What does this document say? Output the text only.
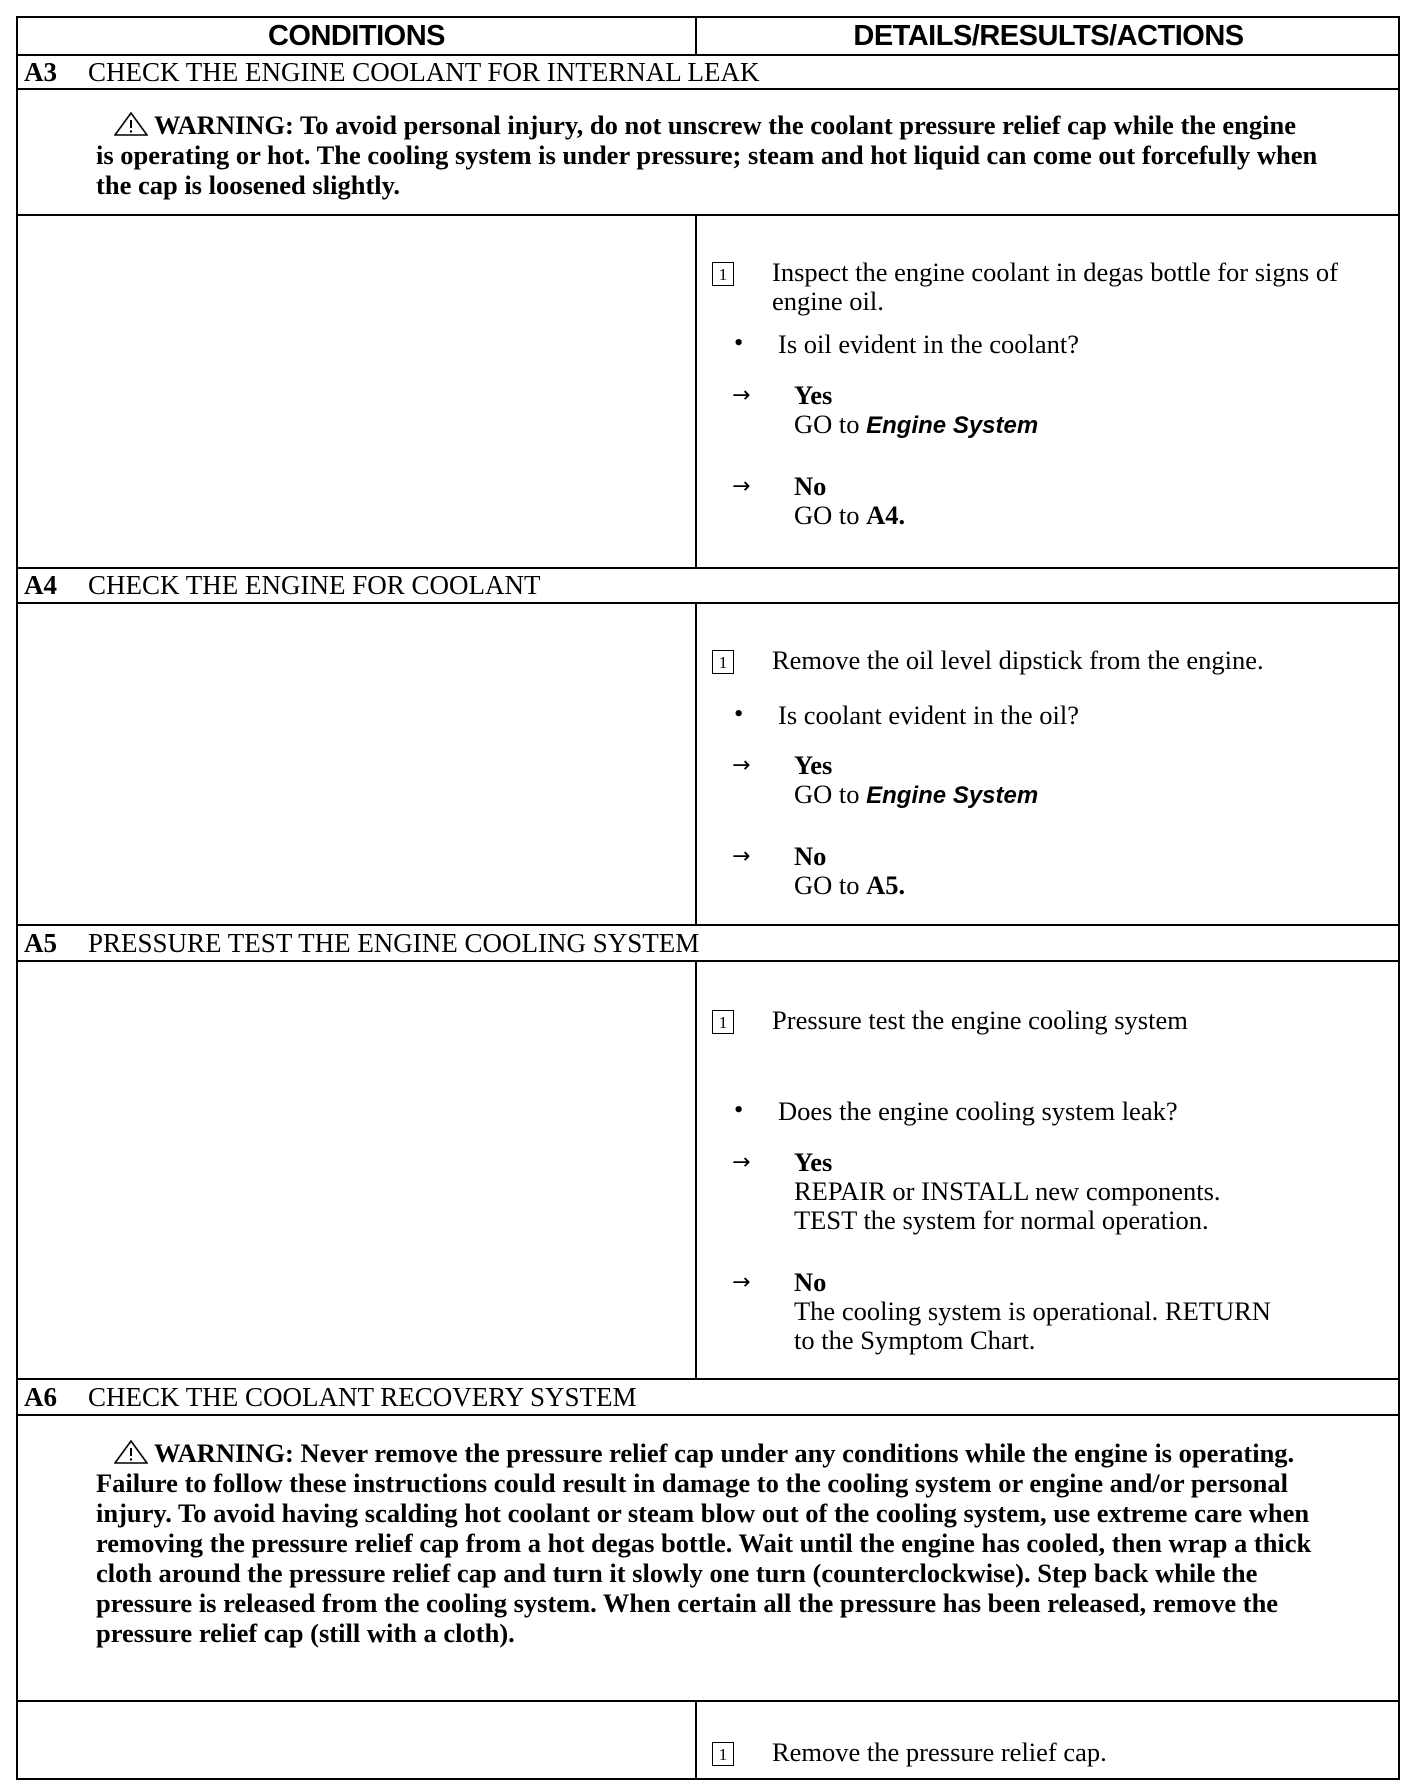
CONDITIONS	DETAILS/RESULTS/ACTIONS
A3	CHECK THE ENGINE COOLANT FOR INTERNAL LEAK
WARNING: To avoid personal injury, do not unscrew the coolant pressure relief cap while the engine is operating or hot. The cooling system is under pressure; steam and hot liquid can come out forcefully when the cap is loosened slightly.
1 Inspect the engine coolant in degas bottle for signs of engine oil.
• Is oil evident in the coolant?
→ Yes
GO to Engine System
→ No
GO to A4.
A4	CHECK THE ENGINE FOR COOLANT
1 Remove the oil level dipstick from the engine.
• Is coolant evident in the oil?
→ Yes
GO to Engine System
→ No
GO to A5.
A5	PRESSURE TEST THE ENGINE COOLING SYSTEM
1 Pressure test the engine cooling system
• Does the engine cooling system leak?
→ Yes
REPAIR or INSTALL new components.
TEST the system for normal operation.
→ No
The cooling system is operational. RETURN
to the Symptom Chart.
A6	CHECK THE COOLANT RECOVERY SYSTEM
WARNING: Never remove the pressure relief cap under any conditions while the engine is operating. Failure to follow these instructions could result in damage to the cooling system or engine and/or personal injury. To avoid having scalding hot coolant or steam blow out of the cooling system, use extreme care when removing the pressure relief cap from a hot degas bottle. Wait until the engine has cooled, then wrap a thick cloth around the pressure relief cap and turn it slowly one turn (counterclockwise). Step back while the pressure is released from the cooling system. When certain all the pressure has been released, remove the pressure relief cap (still with a cloth).
1 Remove the pressure relief cap.
